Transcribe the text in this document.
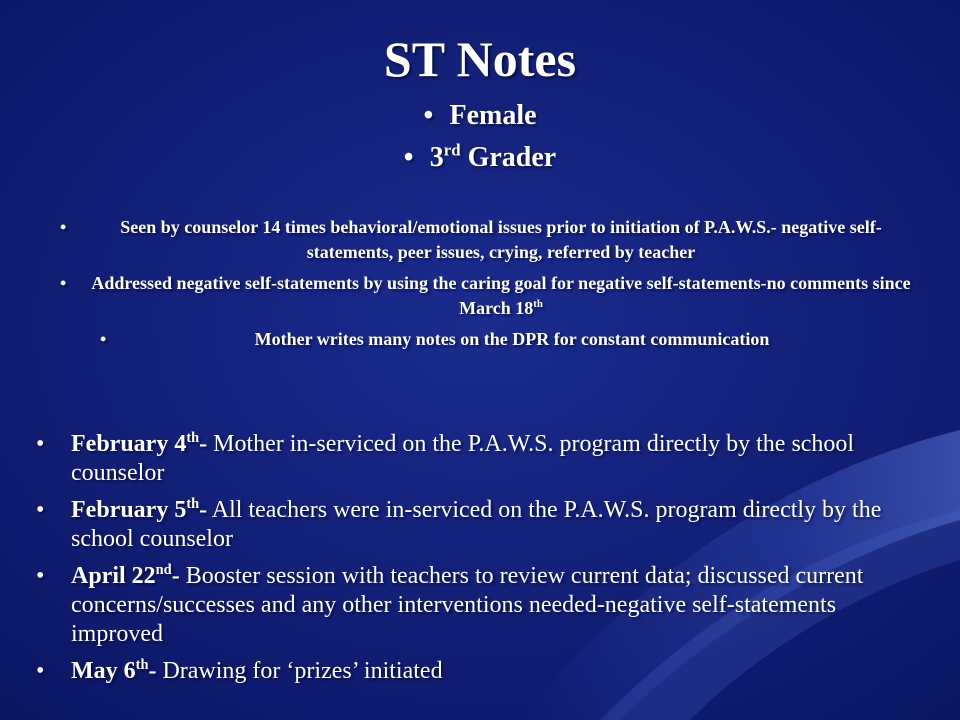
ST Notes
• Female
• 3rd Grader
•	Seen by counselor 14 times behavioral/emotional issues prior to initiation of P.A.W.S.- negative self-statements, peer issues, crying, referred by teacher
• Addressed negative self-statements by using the caring goal for negative self-statements-no comments since March 18th
•	Mother writes many notes on the DPR for constant communication
• February 4th- Mother in-serviced on the P.A.W.S. program directly by the school counselor
• February 5th- All teachers were in-serviced on the P.A.W.S. program directly by the school counselor
• April 22nd- Booster session with teachers to review current data; discussed current concerns/successes and any other interventions needed-negative self-statements improved
• May 6th- Drawing for ‘prizes’ initiated
